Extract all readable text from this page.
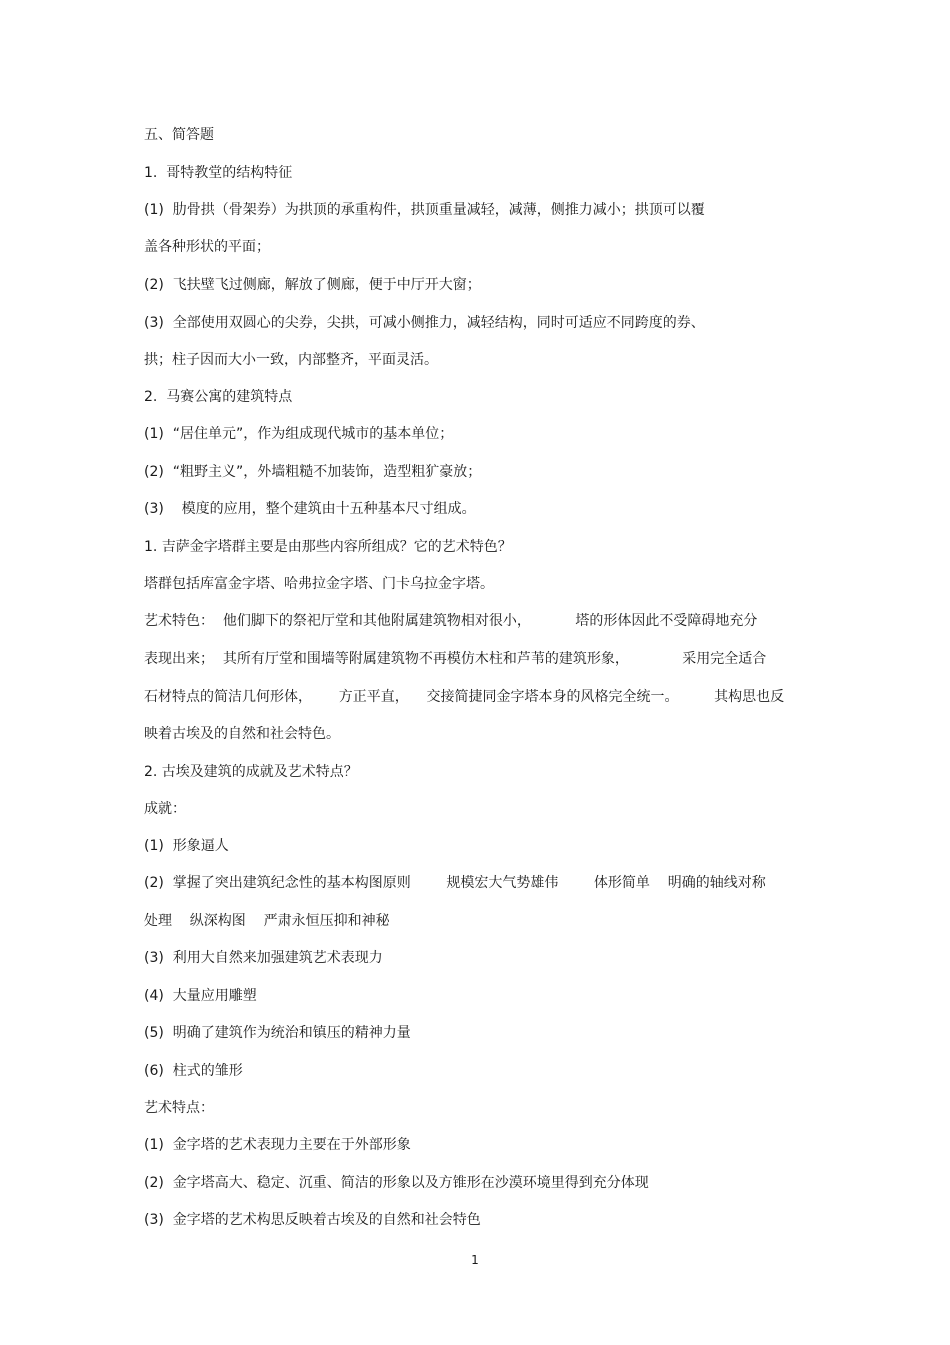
五、简答题

1.  哥特教堂的结构特征

(1)  肋骨拱（骨架券）为拱顶的承重构件，拱顶重量减轻，减薄，侧推力减小；拱顶可以覆

盖各种形状的平面；

(2)  飞扶壁飞过侧廊，解放了侧廊，便于中厅开大窗；

(3)  全部使用双圆心的尖券，尖拱，可减小侧推力，减轻结构，同时可适应不同跨度的券、

拱；柱子因而大小一致，内部整齐，平面灵活。

2.  马赛公寓的建筑特点

(1)  “居住单元”，作为组成现代城市的基本单位；

(2)  “粗野主义”，外墙粗糙不加装饰，造型粗犷豪放；

(3)    模度的应用，整个建筑由十五种基本尺寸组成。

1. 吉萨金字塔群主要是由那些内容所组成？它的艺术特色？

塔群包括库富金字塔、哈弗拉金字塔、门卡乌拉金字塔。

艺术特色：  他们脚下的祭祀厅堂和其他附属建筑物相对很小，          塔的形体因此不受障碍地充分

表现出来；  其所有厅堂和围墙等附属建筑物不再模仿木柱和芦苇的建筑形象，            采用完全适合

石材特点的简洁几何形体，      方正平直，    交接简捷同金字塔本身的风格完全统一。        其构思也反

映着古埃及的自然和社会特色。

2. 古埃及建筑的成就及艺术特点？

成就：

(1)  形象逼人

(2)  掌握了突出建筑纪念性的基本构图原则        规模宏大气势雄伟        体形简单    明确的轴线对称

处理    纵深构图    严肃永恒压抑和神秘

(3)  利用大自然来加强建筑艺术表现力

(4)  大量应用雕塑

(5)  明确了建筑作为统治和镇压的精神力量

(6)  柱式的雏形

艺术特点：

(1)  金字塔的艺术表现力主要在于外部形象

(2)  金字塔高大、稳定、沉重、简洁的形象以及方锥形在沙漠环境里得到充分体现

(3)  金字塔的艺术构思反映着古埃及的自然和社会特色

1
